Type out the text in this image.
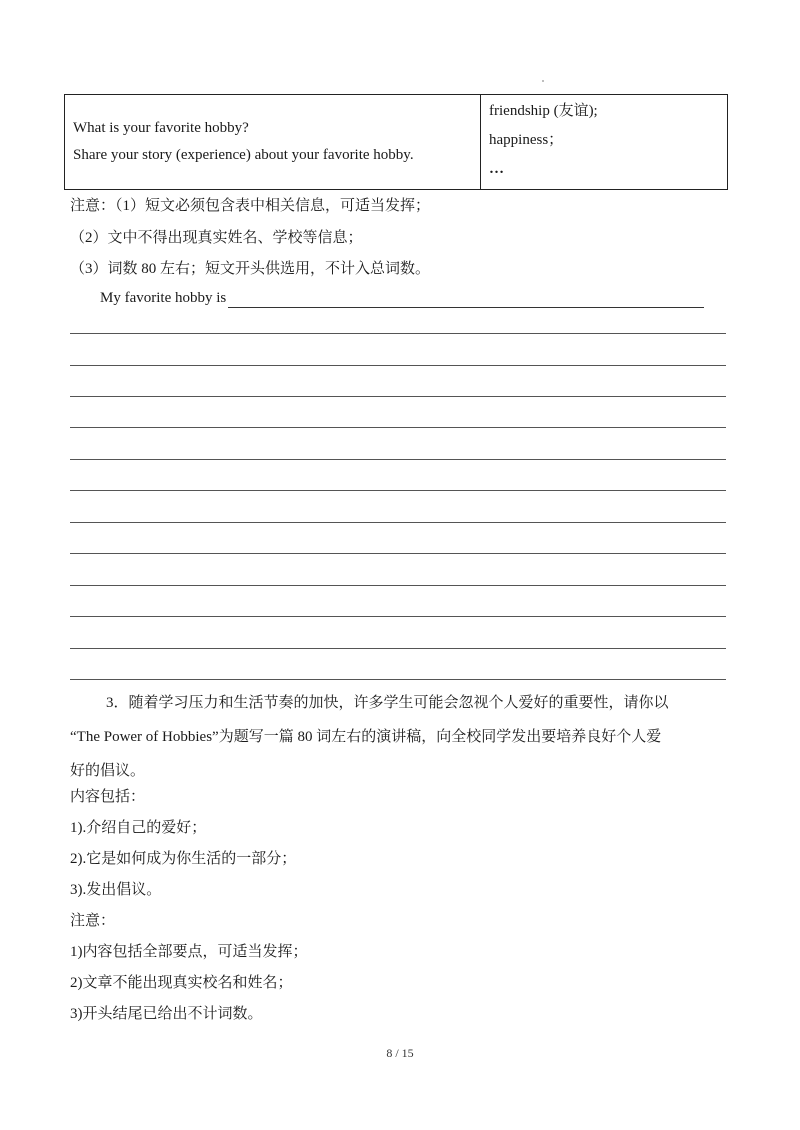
What is your favorite hobby?
Share your story (experience) about your favorite hobby.
friendship (友谊);
happiness；
…
注意：（1）短文必须包含表中相关信息，可适当发挥；
（2）文中不得出现真实姓名、学校等信息；
（3）词数 80 左右；短文开头供选用，不计入总词数。
My favorite hobby is
3．随着学习压力和生活节奏的加快，许多学生可能会忽视个人爱好的重要性，请你以
“The Power of Hobbies”为题写一篇 80 词左右的演讲稿，向全校同学发出要培养良好个人爱
好的倡议。
内容包括：
1).介绍自己的爱好；
2).它是如何成为你生活的一部分；
3).发出倡议。
注意：
1)内容包括全部要点，可适当发挥；
2)文章不能出现真实校名和姓名；
3)开头结尾已给出不计词数。
8 / 15
